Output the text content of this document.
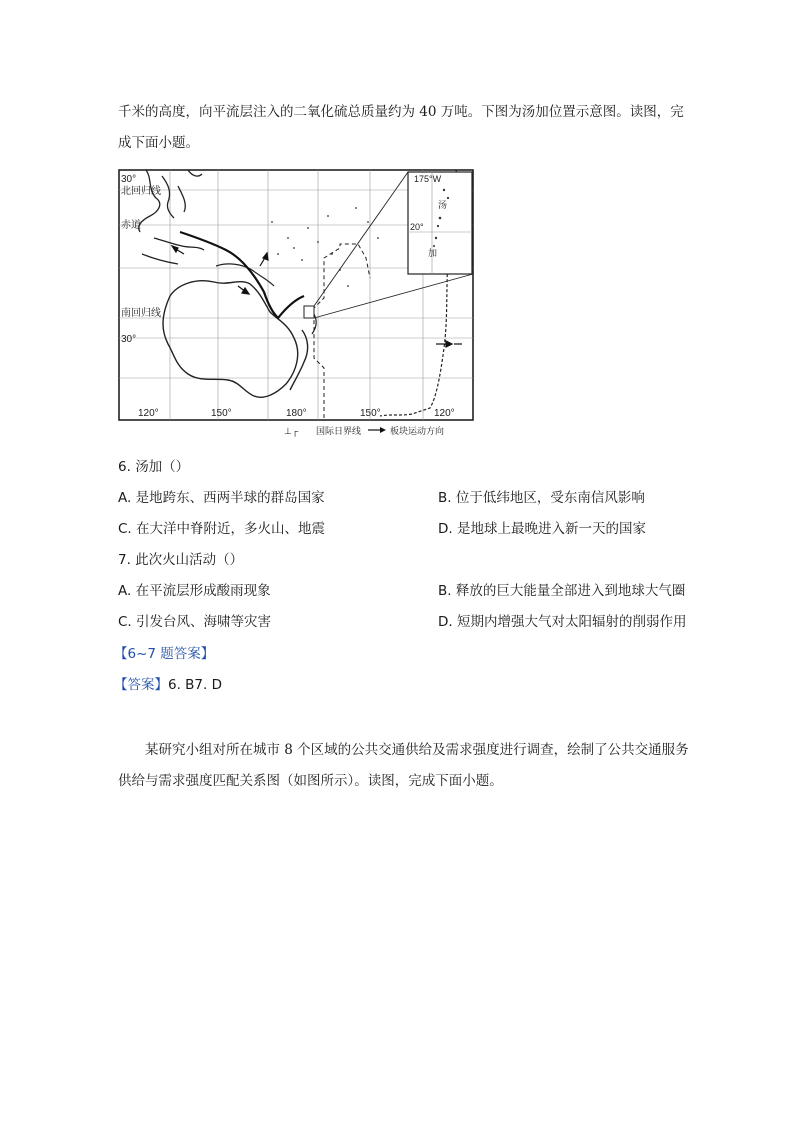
千米的高度，向平流层注入的二氧化硫总质量约为 40 万吨。下图为汤加位置示意图。读图，完
成下面小题。
30°
北回归线
赤道
南回归线
30°
120°	150°	180°	150°	120°
175°W
20°
汤
加
⊥┌ 国际日界线	板块运动方向
6. 汤加（）
A. 是地跨东、西两半球的群岛国家	B. 位于低纬地区，受东南信风影响
C. 在大洋中脊附近，多火山、地震	D. 是地球上最晚进入新一天的国家
7. 此次火山活动（）
A. 在平流层形成酸雨现象	B. 释放的巨大能量全部进入到地球大气圈
C. 引发台风、海啸等灾害	D. 短期内增强大气对太阳辐射的削弱作用
【6~7 题答案】
【答案】6. B7. D
某研究小组对所在城市 8 个区域的公共交通供给及需求强度进行调查，绘制了公共交通服务
供给与需求强度匹配关系图（如图所示）。读图，完成下面小题。
